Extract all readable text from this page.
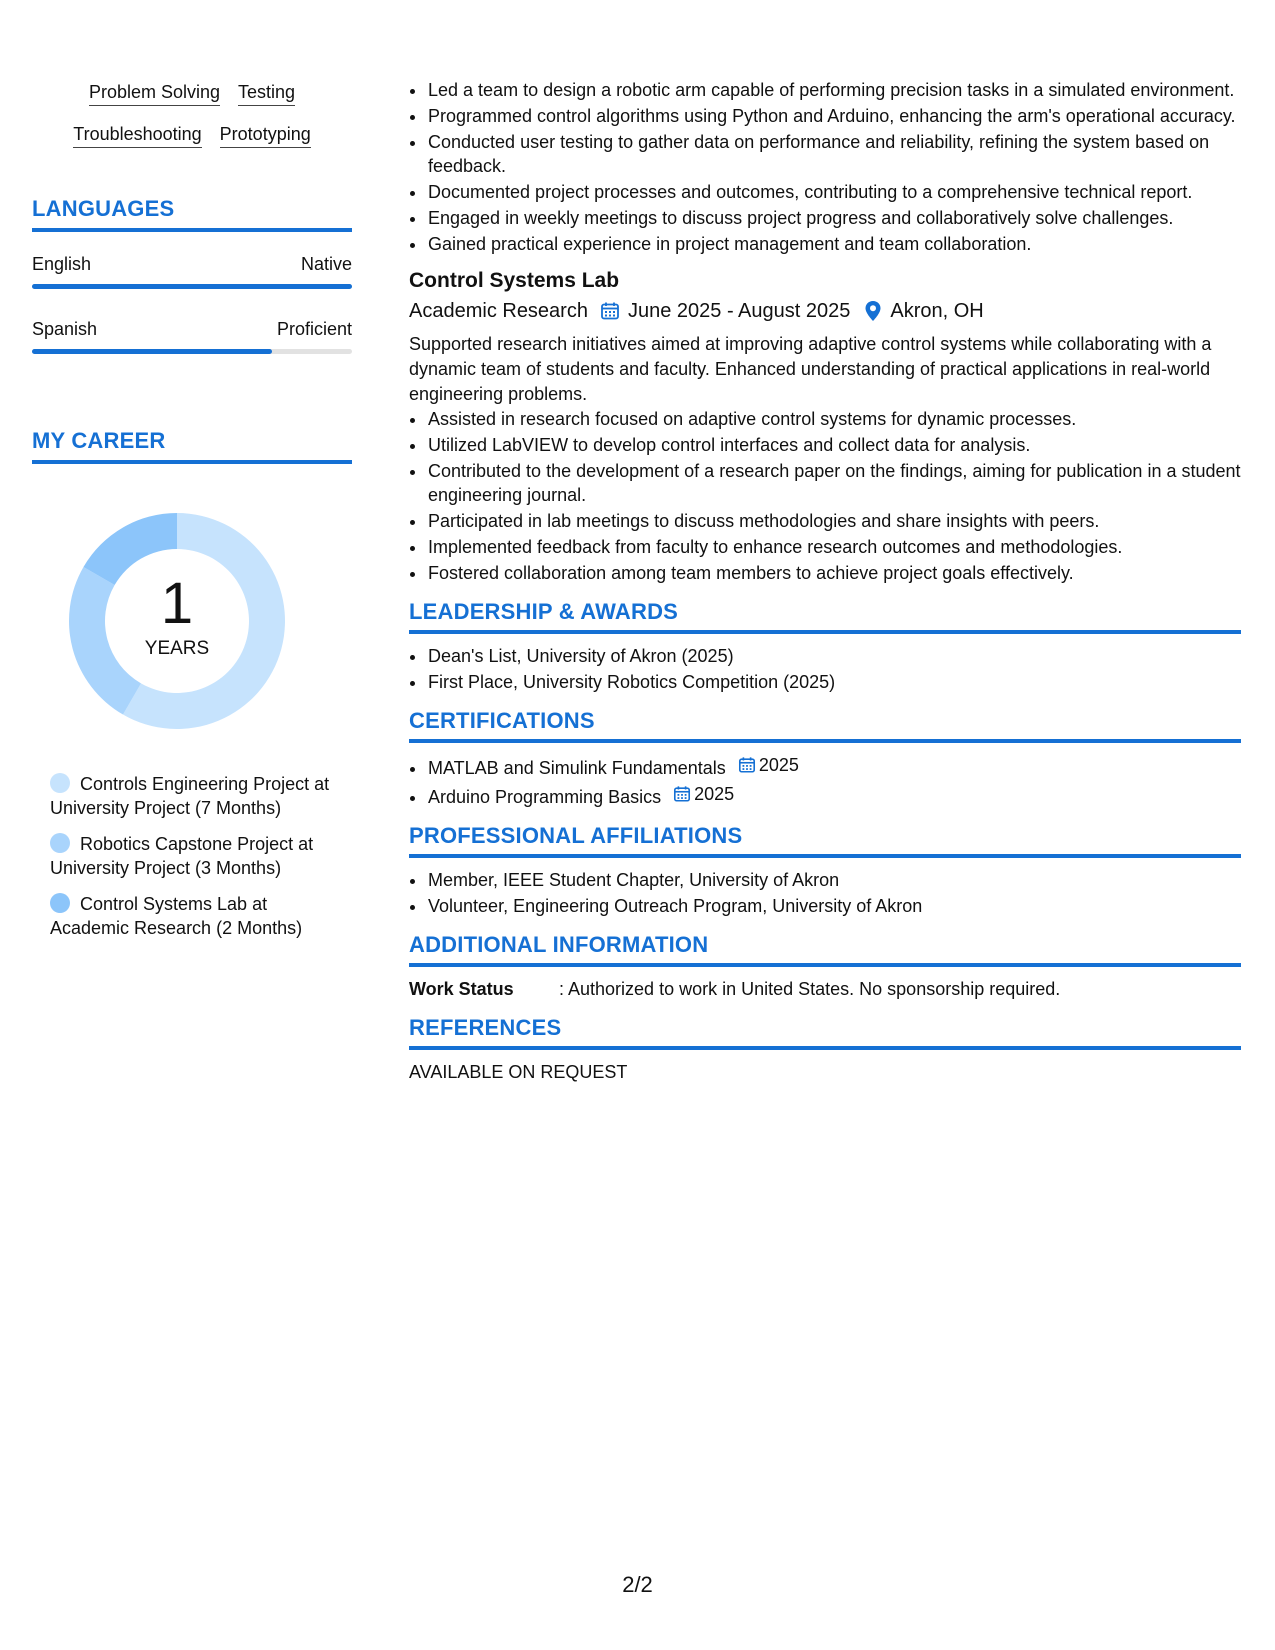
Problem Solving Testing
Troubleshooting Prototyping
LANGUAGES
English	Native
Spanish	Proficient
MY CAREER
1
YEARS
Controls Engineering Project at University Project (7 Months)
Robotics Capstone Project at University Project (3 Months)
Control Systems Lab at Academic Research (2 Months)
• Led a team to design a robotic arm capable of performing precision tasks in a simulated environment.
• Programmed control algorithms using Python and Arduino, enhancing the arm's operational accuracy.
• Conducted user testing to gather data on performance and reliability, refining the system based on feedback.
• Documented project processes and outcomes, contributing to a comprehensive technical report.
• Engaged in weekly meetings to discuss project progress and collaboratively solve challenges.
• Gained practical experience in project management and team collaboration.
Control Systems Lab
Academic Research June 2025 - August 2025 Akron, OH
Supported research initiatives aimed at improving adaptive control systems while collaborating with a dynamic team of students and faculty. Enhanced understanding of practical applications in real-world engineering problems.
• Assisted in research focused on adaptive control systems for dynamic processes.
• Utilized LabVIEW to develop control interfaces and collect data for analysis.
• Contributed to the development of a research paper on the findings, aiming for publication in a student engineering journal.
• Participated in lab meetings to discuss methodologies and share insights with peers.
• Implemented feedback from faculty to enhance research outcomes and methodologies.
• Fostered collaboration among team members to achieve project goals effectively.
LEADERSHIP & AWARDS
• Dean's List, University of Akron (2025)
• First Place, University Robotics Competition (2025)
CERTIFICATIONS
• MATLAB and Simulink Fundamentals 2025
• Arduino Programming Basics 2025
PROFESSIONAL AFFILIATIONS
• Member, IEEE Student Chapter, University of Akron
• Volunteer, Engineering Outreach Program, University of Akron
ADDITIONAL INFORMATION
Work Status	: Authorized to work in United States. No sponsorship required.
REFERENCES
AVAILABLE ON REQUEST
2/2
